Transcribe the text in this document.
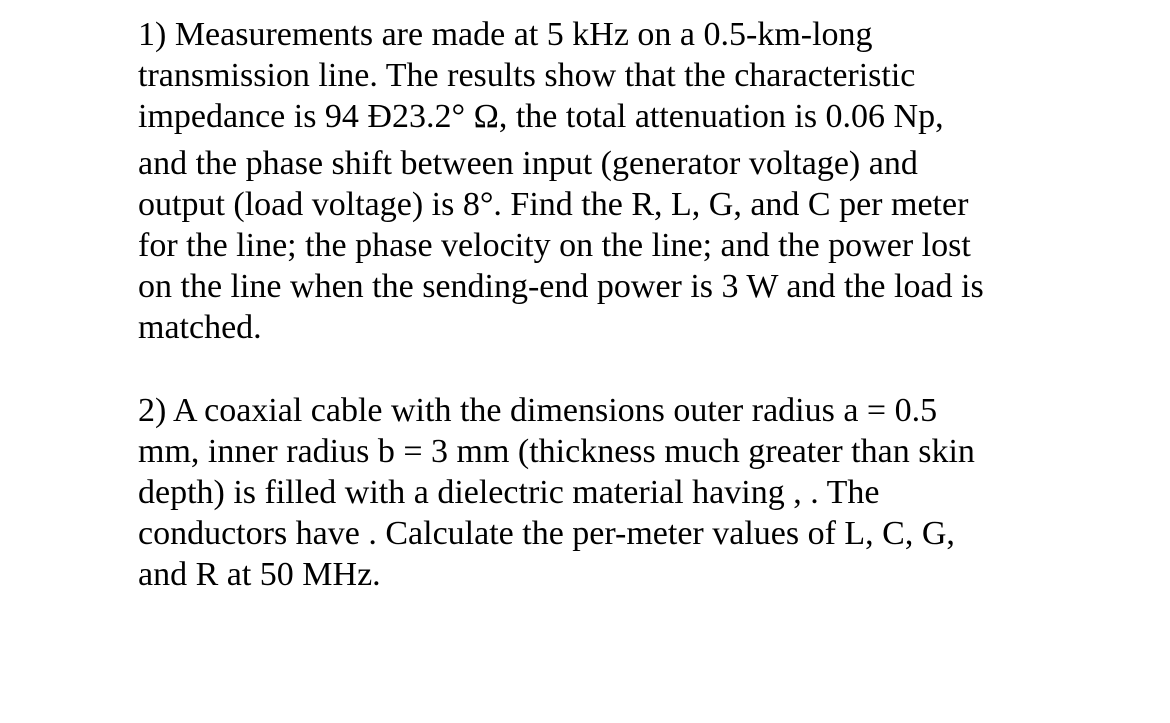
1) Measurements are made at 5 kHz on a 0.5-km-long
transmission line. The results show that the characteristic
impedance is 94 Ð23.2° Ω, the total attenuation is 0.06 Np,
and the phase shift between input (generator voltage) and
output (load voltage) is 8°. Find the R, L, G, and C per meter
for the line; the phase velocity on the line; and the power lost
on the line when the sending-end power is 3 W and the load is
matched.

2) A coaxial cable with the dimensions outer radius a = 0.5
mm, inner radius b = 3 mm (thickness much greater than skin
depth) is filled with a dielectric material having , . The
conductors have . Calculate the per-meter values of L, C, G,
and R at 50 MHz.
